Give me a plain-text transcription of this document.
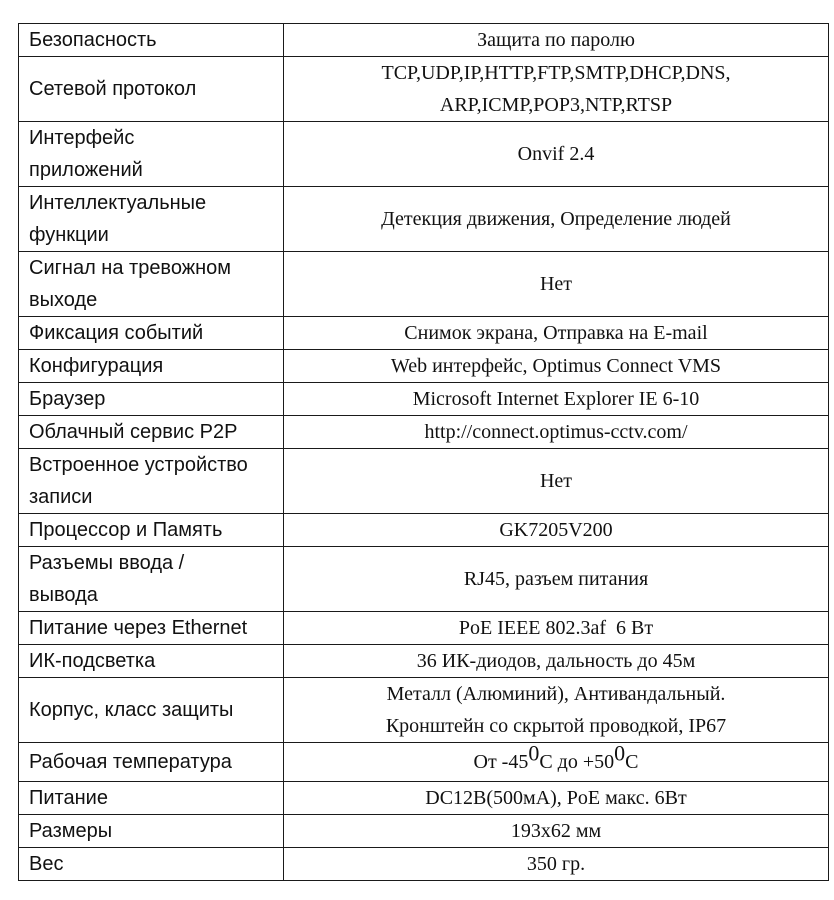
Безопасность	Защита по паролю
Сетевой протокол	TCP,UDP,IP,HTTP,FTP,SMTP,DHCP,DNS,
ARP,ICMP,POP3,NTP,RTSP

Интерфейс
приложений	Onvif 2.4

Интеллектуальные
функции	Детекция движения, Определение людей

Сигнал на тревожном
выходе	Нет
Фиксация событий	Снимок экрана, Отправка на E-mail
Конфигурация	Web интерфейс, Optimus Connect VMS
Браузер	Microsoft Internet Explorer IE 6-10
Облачный сервис P2P	http://connect.optimus-cctv.com/

Встроенное устройство
записи	Нет
Процессор и Память	GK7205V200

Разъемы ввода /
вывода	RJ45, разъем питания
Питание через Ethernet	PoE IEEE 802.3af  6 Вт
ИК-подсветка	36 ИК-диодов, дальность до 45м
Корпус, класс защиты	Металл (Алюминий), Антивандальный.
Кронштейн со скрытой проводкой, IP67

Рабочая температура	От $-45^0С$ до $+50^0С$
Питание	DC12В(500мА), PoE макс. 6Вт
Размеры	193х62 мм
Вес	350 гр.
